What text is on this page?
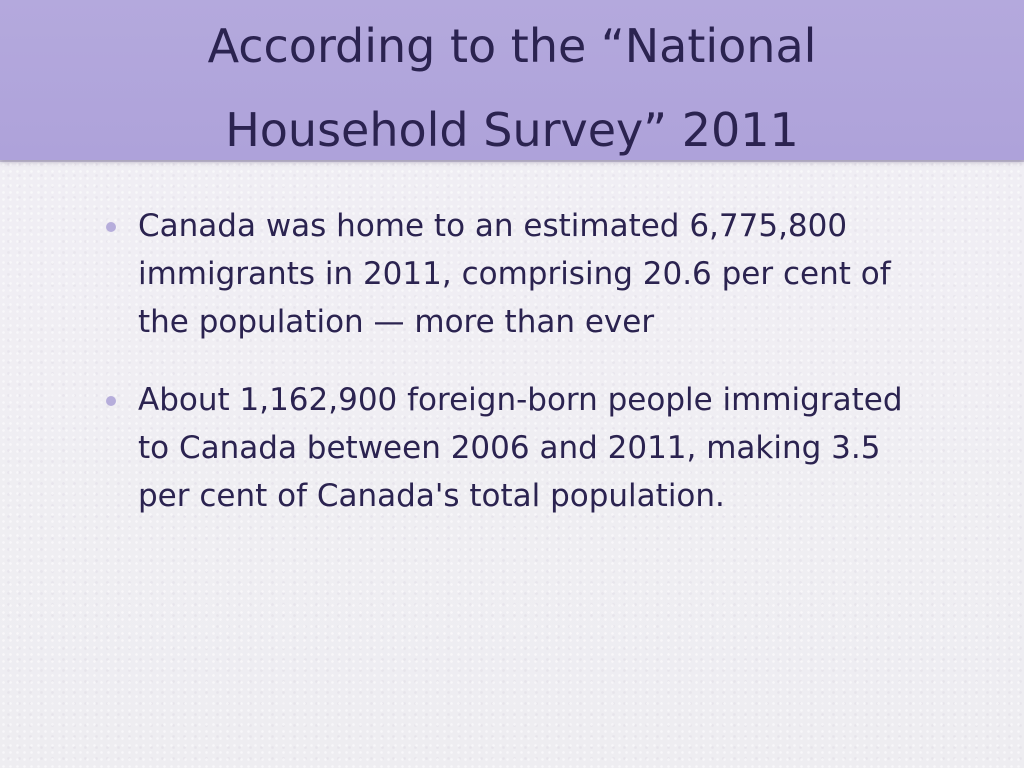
According to the “National
Household Survey” 2011
Canada was home to an estimated 6,775,800 immigrants in 2011, comprising 20.6 per cent of the population — more than ever
About 1,162,900 foreign-born people immigrated to Canada between 2006 and 2011, making 3.5 per cent of Canada's total population.
